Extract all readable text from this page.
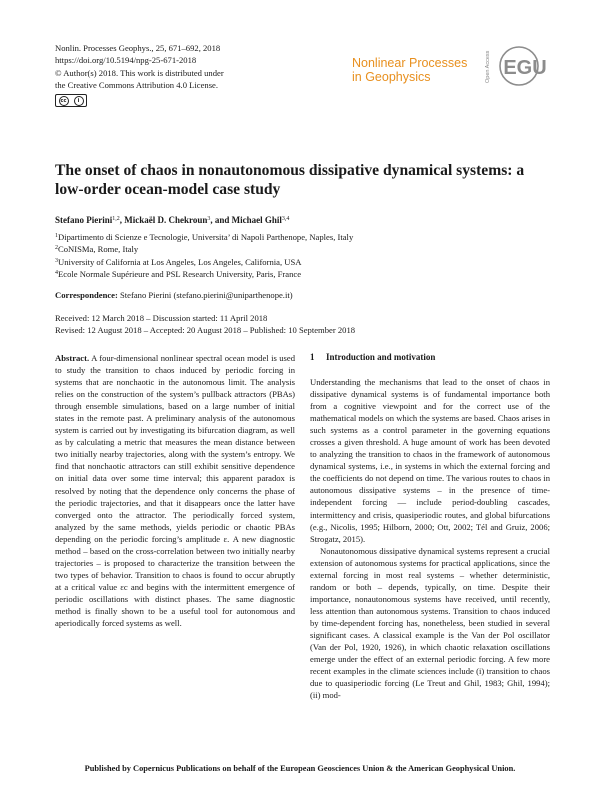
Nonlin. Processes Geophys., 25, 671–692, 2018
https://doi.org/10.5194/npg-25-671-2018
© Author(s) 2018. This work is distributed under
the Creative Commons Attribution 4.0 License.
cc	i
Nonlinear Processes
in Geophysics	Open Access EGU
The onset of chaos in nonautonomous dissipative dynamical systems: a low-order ocean-model case study
Stefano Pierini$^{1,2}$, Mickaël D. Chekroun$^3$, and Michael Ghil$^{3,4}$
$^1$Dipartimento di Scienze e Tecnologie, Universita’ di Napoli Parthenope, Naples, Italy
$^2$CoNISMa, Rome, Italy
$^3$University of California at Los Angeles, Los Angeles, California, USA
$^4$Ecole Normale Supérieure and PSL Research University, Paris, France
Correspondence: Stefano Pierini (stefano.pierini@uniparthenope.it)
Received: 12 March 2018 – Discussion started: 11 April 2018
Revised: 12 August 2018 – Accepted: 20 August 2018 – Published: 10 September 2018
Abstract. A four-dimensional nonlinear spectral ocean model is used to study the transition to chaos induced by periodic forcing in systems that are nonchaotic in the autonomous limit. The analysis relies on the construction of the system’s pullback attractors (PBAs) through ensemble simulations, based on a large number of initial states in the remote past. A preliminary analysis of the autonomous system is carried out by investigating its bifurcation diagram, as well as by calculating a metric that measures the mean distance between two initially nearby trajectories, along with the system’s entropy. We find that nonchaotic attractors can still exhibit sensitive dependence on initial data over some time interval; this apparent paradox is resolved by noting that the dependence only concerns the phase of the periodic trajectories, and that it disappears once the latter have converged onto the attractor. The periodically forced system, analyzed by the same methods, yields periodic or chaotic PBAs depending on the periodic forcing’s amplitude ε. A new diagnostic method – based on the cross-correlation between two initially nearby trajectories – is proposed to characterize the transition between the two types of behavior. Transition to chaos is found to occur abruptly at a critical value εc and begins with the intermittent emergence of periodic oscillations with distinct phases. The same diagnostic method is finally shown to be a useful tool for autonomous and aperiodically forced systems as well.
1 Introduction and motivation

Understanding the mechanisms that lead to the onset of chaos in dissipative dynamical systems is of fundamental importance both from a cognitive viewpoint and for the correct use of the mathematical models on which the systems are based. Chaos arises in such systems as a control parameter in the governing equations crosses a given threshold. A huge amount of work has been devoted to analyzing the transition to chaos in the framework of autonomous dynamical systems, i.e., in systems in which the external forcing and the coefficients do not depend on time. The various routes to chaos in autonomous dissipative systems – in the presence of time-independent forcing — include period-doubling cascades, intermittency and crisis, quasiperiodic routes, and global bifurcations (e.g., Nicolis, 1995; Hilborn, 2000; Ott, 2002; Tél and Gruiz, 2006; Strogatz, 2015).

Nonautonomous dissipative dynamical systems represent a crucial extension of autonomous systems for practical applications, since the external forcing in most real systems – whether deterministic, random or both – depends, typically, on time. Despite their importance, nonautonomous systems have received, until recently, less attention than autonomous systems. Transition to chaos induced by time-dependent forcing has, nonetheless, been studied in several significant cases. A classical example is the Van der Pol oscillator (Van der Pol, 1920, 1926), in which chaotic relaxation oscillations emerge under the effect of an external periodic forcing. A few more recent examples in the climate sciences include (i) transition to chaos due to quasiperiodic forcing (Le Treut and Ghil, 1983; Ghil, 1994); (ii) mod-

Published by Copernicus Publications on behalf of the European Geosciences Union & the American Geophysical Union.
